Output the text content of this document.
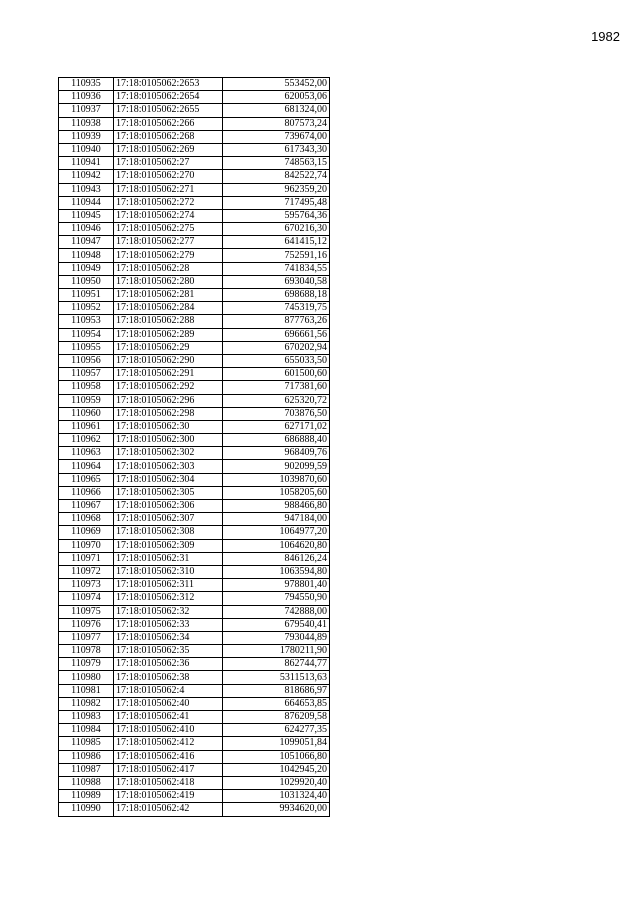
1982
110935	17:18:0105062:2653	553452,00
110936	17:18:0105062:2654	620053,06
110937	17:18:0105062:2655	681324,00
110938	17:18:0105062:266	807573,24
110939	17:18:0105062:268	739674,00
110940	17:18:0105062:269	617343,30
110941	17:18:0105062:27	748563,15
110942	17:18:0105062:270	842522,74
110943	17:18:0105062:271	962359,20
110944	17:18:0105062:272	717495,48
110945	17:18:0105062:274	595764,36
110946	17:18:0105062:275	670216,30
110947	17:18:0105062:277	641415,12
110948	17:18:0105062:279	752591,16
110949	17:18:0105062:28	741834,55
110950	17:18:0105062:280	693040,58
110951	17:18:0105062:281	698688,18
110952	17:18:0105062:284	745319,75
110953	17:18:0105062:288	877763,26
110954	17:18:0105062:289	696661,56
110955	17:18:0105062:29	670202,94
110956	17:18:0105062:290	655033,50
110957	17:18:0105062:291	601500,60
110958	17:18:0105062:292	717381,60
110959	17:18:0105062:296	625320,72
110960	17:18:0105062:298	703876,50
110961	17:18:0105062:30	627171,02
110962	17:18:0105062:300	686888,40
110963	17:18:0105062:302	968409,76
110964	17:18:0105062:303	902099,59
110965	17:18:0105062:304	1039870,60
110966	17:18:0105062:305	1058205,60
110967	17:18:0105062:306	988466,80
110968	17:18:0105062:307	947184,00
110969	17:18:0105062:308	1064977,20
110970	17:18:0105062:309	1064620,80
110971	17:18:0105062:31	846126,24
110972	17:18:0105062:310	1063594,80
110973	17:18:0105062:311	978801,40
110974	17:18:0105062:312	794550,90
110975	17:18:0105062:32	742888,00
110976	17:18:0105062:33	679540,41
110977	17:18:0105062:34	793044,89
110978	17:18:0105062:35	1780211,90
110979	17:18:0105062:36	862744,77
110980	17:18:0105062:38	5311513,63
110981	17:18:0105062:4	818686,97
110982	17:18:0105062:40	664653,85
110983	17:18:0105062:41	876209,58
110984	17:18:0105062:410	624277,35
110985	17:18:0105062:412	1099051,84
110986	17:18:0105062:416	1051066,80
110987	17:18:0105062:417	1042945,20
110988	17:18:0105062:418	1029920,40
110989	17:18:0105062:419	1031324,40
110990	17:18:0105062:42	9934620,00
